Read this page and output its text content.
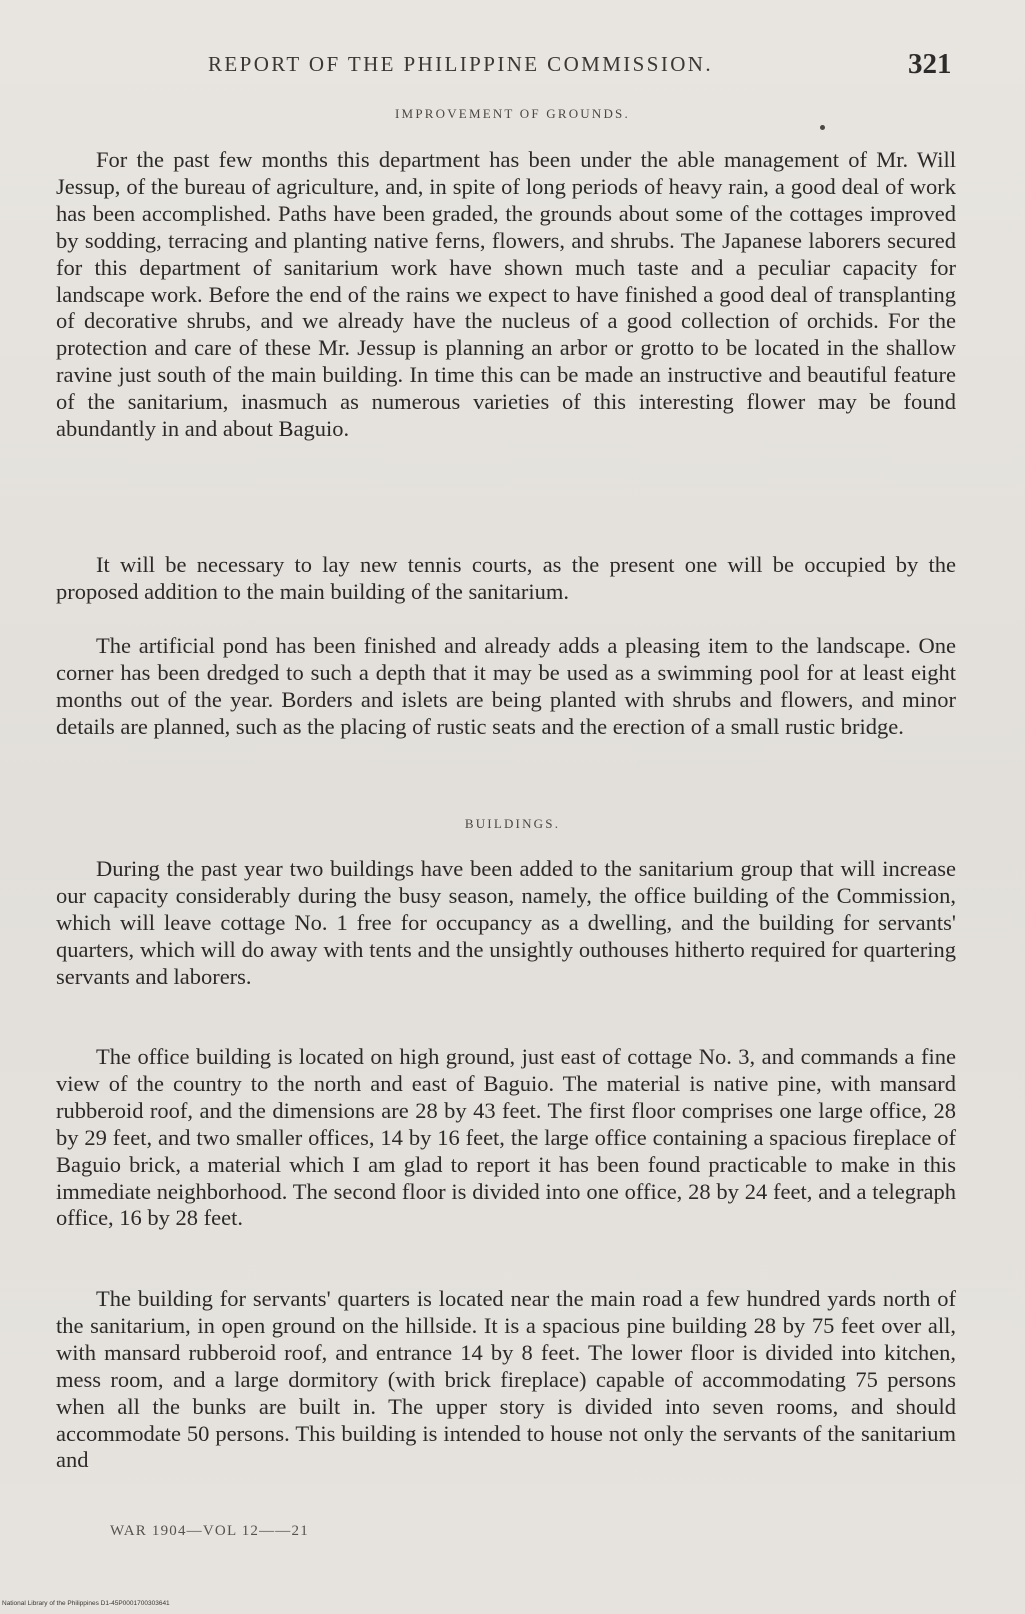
REPORT OF THE PHILIPPINE COMMISSION.	321
IMPROVEMENT OF GROUNDS.

For the past few months this department has been under the able management of Mr. Will Jessup, of the bureau of agriculture, and, in spite of long periods of heavy rain, a good deal of work has been accomplished. Paths have been graded, the grounds about some of the cottages improved by sodding, terracing and planting native ferns, flowers, and shrubs. The Japanese laborers secured for this department of sanitarium work have shown much taste and a peculiar capacity for landscape work. Before the end of the rains we expect to have finished a good deal of transplanting of decorative shrubs, and we already have the nucleus of a good collection of orchids. For the protection and care of these Mr. Jessup is planning an arbor or grotto to be located in the shallow ravine just south of the main building. In time this can be made an instructive and beautiful feature of the sanitarium, inasmuch as numerous varieties of this interesting flower may be found abundantly in and about Baguio.

It will be necessary to lay new tennis courts, as the present one will be occupied by the proposed addition to the main building of the sanitarium.

The artificial pond has been finished and already adds a pleasing item to the landscape. One corner has been dredged to such a depth that it may be used as a swimming pool for at least eight months out of the year. Borders and islets are being planted with shrubs and flowers, and minor details are planned, such as the placing of rustic seats and the erection of a small rustic bridge.

BUILDINGS.

During the past year two buildings have been added to the sanitarium group that will increase our capacity considerably during the busy season, namely, the office building of the Commission, which will leave cottage No. 1 free for occupancy as a dwelling, and the building for servants' quarters, which will do away with tents and the unsightly outhouses hitherto required for quartering servants and laborers.

The office building is located on high ground, just east of cottage No. 3, and commands a fine view of the country to the north and east of Baguio. The material is native pine, with mansard rubberoid roof, and the dimensions are 28 by 43 feet. The first floor comprises one large office, 28 by 29 feet, and two smaller offices, 14 by 16 feet, the large office containing a spacious fireplace of Baguio brick, a material which I am glad to report it has been found practicable to make in this immediate neighborhood. The second floor is divided into one office, 28 by 24 feet, and a telegraph office, 16 by 28 feet.

The building for servants' quarters is located near the main road a few hundred yards north of the sanitarium, in open ground on the hillside. It is a spacious pine building 28 by 75 feet over all, with mansard rubberoid roof, and entrance 14 by 8 feet. The lower floor is divided into kitchen, mess room, and a large dormitory (with brick fireplace) capable of accommodating 75 persons when all the bunks are built in. The upper story is divided into seven rooms, and should accommodate 50 persons. This building is intended to house not only the servants of the sanitarium and

WAR 1904—VOL 12——21
National Library of the Philippines D1-45P0001700303641
